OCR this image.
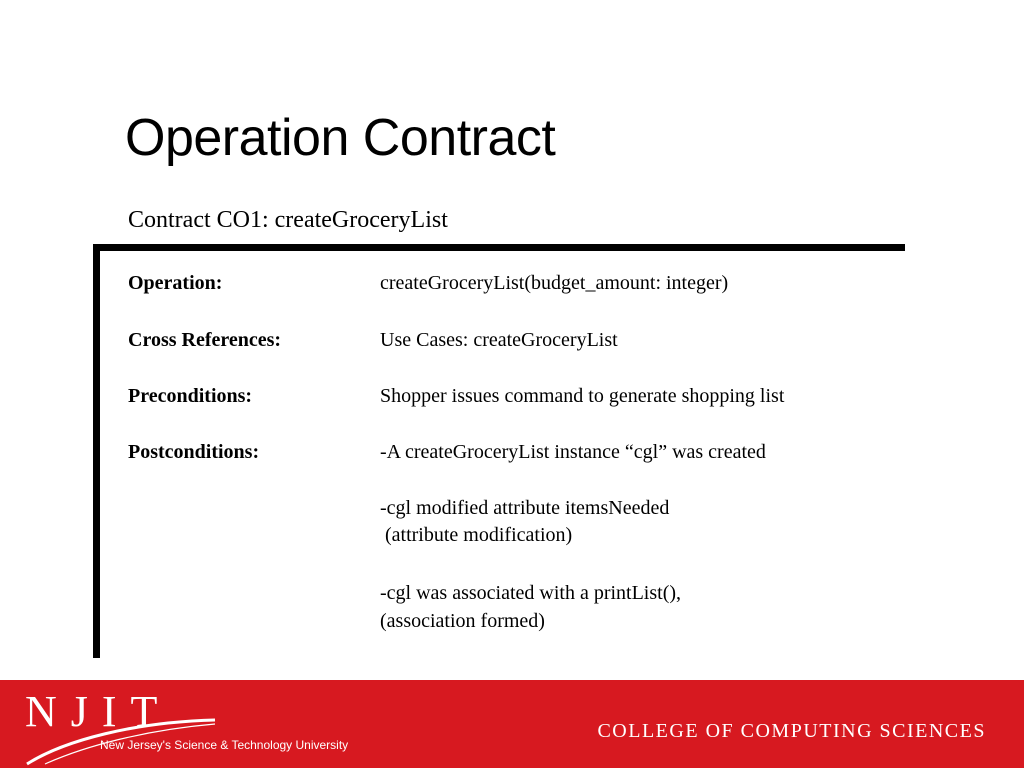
Operation Contract
Contract CO1: createGroceryList
Operation:	createGroceryList(budget_amount: integer)
Cross References:	Use Cases: createGroceryList
Preconditions:	Shopper issues command to generate shopping list
Postconditions:	-A createGroceryList instance “cgl” was created
-cgl modified attribute itemsNeeded
(attribute modification)
-cgl was associated with a printList(),
(association formed)
NJIT
New Jersey's Science & Technology University
COLLEGE OF COMPUTING SCIENCES
